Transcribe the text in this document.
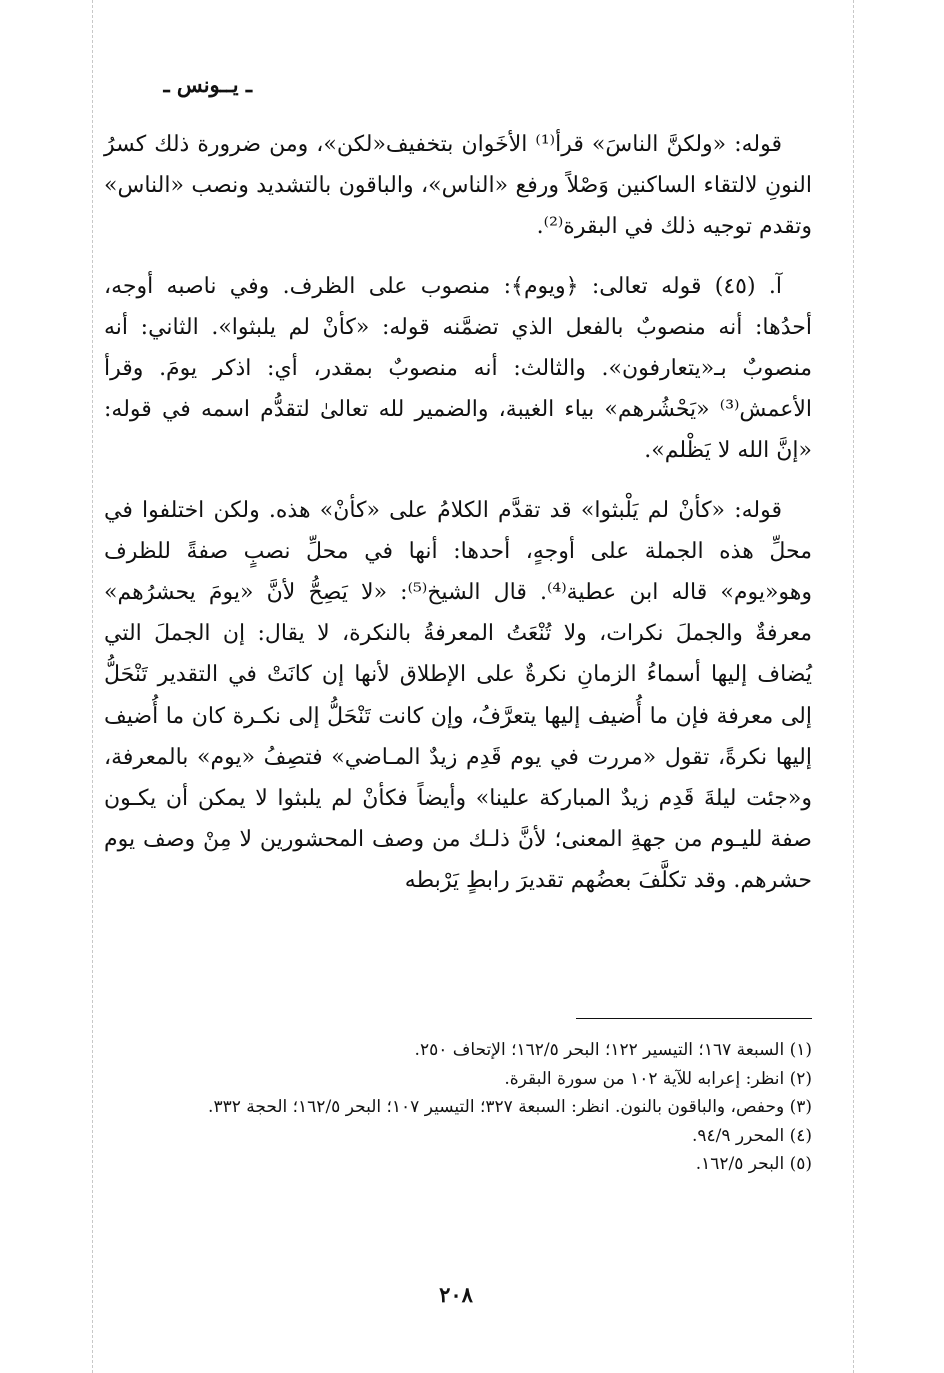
ـ يــونس ـ

قوله: «ولكنَّ الناسَ» قرأ⁽¹⁾ الأخَوان بتخفيف«لكن»، ومن ضرورة ذلك كسرُ النونِ لالتقاء الساكنين وَصْلاً ورفع «الناس»، والباقون بالتشديد ونصب «الناس» وتقدم توجيه ذلك في البقرة⁽²⁾.

آ. (٤٥) قوله تعالى: ﴿ويوم﴾: منصوب على الظرف. وفي ناصبه أوجه، أحدُها: أنه منصوبٌ بالفعل الذي تضمَّنه قوله: «كأنْ لم يلبثوا». الثاني: أنه منصوبٌ بـ«يتعارفون». والثالث: أنه منصوبٌ بمقدر، أي: اذكر يومَ. وقرأ الأعمش⁽³⁾ «يَحْشُرهم» بياء الغيبة، والضمير لله تعالىٰ لتقدُّم اسمه في قوله: «إنَّ الله لا يَظْلم».

قوله: «كأنْ لم يَلْبثوا» قد تقدَّم الكلامُ على «كأنْ» هذه. ولكن اختلفوا في محلِّ هذه الجملة على أوجهٍ، أحدها: أنها في محلِّ نصبٍ صفةً للظرف وهو«يوم» قاله ابن عطية⁽⁴⁾. قال الشيخ⁽⁵⁾: «لا يَصِحُّ لأنَّ «يومَ يحشرُهم» معرفةٌ والجملَ نكرات، ولا تُنْعَتُ المعرفةُ بالنكرة، لا يقال: إن الجملَ التي يُضاف إليها أسماءُ الزمانِ نكرةٌ على الإطلاق لأنها إن كانَتْ في التقدير تَنْحَلُّ إلى معرفة فإن ما أُضيف إليها يتعرَّفُ، وإن كانت تَنْحَلُّ إلى نكـرة كان ما أُضيف إليها نكرةً، تقول «مررت في يوم قَدِم زيدٌ المـاضي» فتصِفُ «يوم» بالمعرفة، و«جئت ليلةَ قَدِم زيدٌ المباركة علينا» وأيضاً فكأنْ لم يلبثوا لا يمكن أن يكـون صفة لليـوم من جهةِ المعنى؛ لأنَّ ذلـك من وصف المحشورين لا مِنْ وصف يوم حشرهم. وقد تكلَّفَ بعضُهم تقديرَ رابطٍ يَرْبطه

(١) السبعة ١٦٧؛ التيسير ١٢٢؛ البحر ١٦٢/٥؛ الإتحاف ٢٥٠.

(٢) انظر: إعرابه للآية ١٠٢ من سورة البقرة.

(٣) وحفص، والباقون بالنون. انظر: السبعة ٣٢٧؛ التيسير ١٠٧؛ البحر ١٦٢/٥؛ الحجة ٣٣٢.

(٤) المحرر ٩٤/٩.

(٥) البحر ١٦٢/٥.

٢٠٨
